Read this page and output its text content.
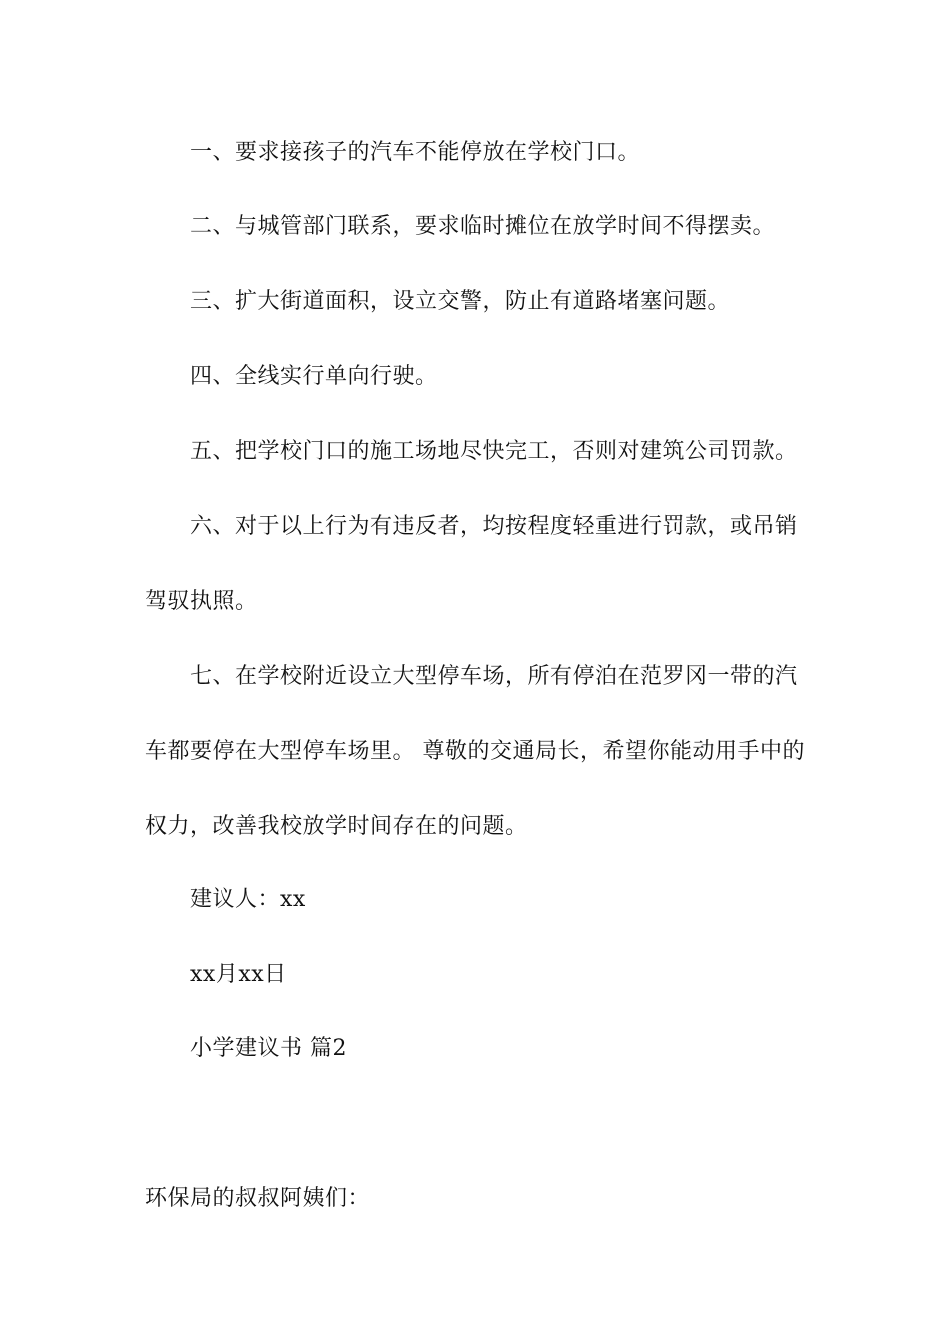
一、要求接孩子的汽车不能停放在学校门口。
二、与城管部门联系，要求临时摊位在放学时间不得摆卖。
三、扩大街道面积，设立交警，防止有道路堵塞问题。
四、全线实行单向行驶。
五、把学校门口的施工场地尽快完工，否则对建筑公司罚款。
六、对于以上行为有违反者，均按程度轻重进行罚款，或吊销
驾驭执照。
七、在学校附近设立大型停车场，所有停泊在范罗冈一带的汽
车都要停在大型停车场里。 尊敬的交通局长，希望你能动用手中的
权力，改善我校放学时间存在的问题。
建议人：xx
xx月xx日
小学建议书 篇2
环保局的叔叔阿姨们：
